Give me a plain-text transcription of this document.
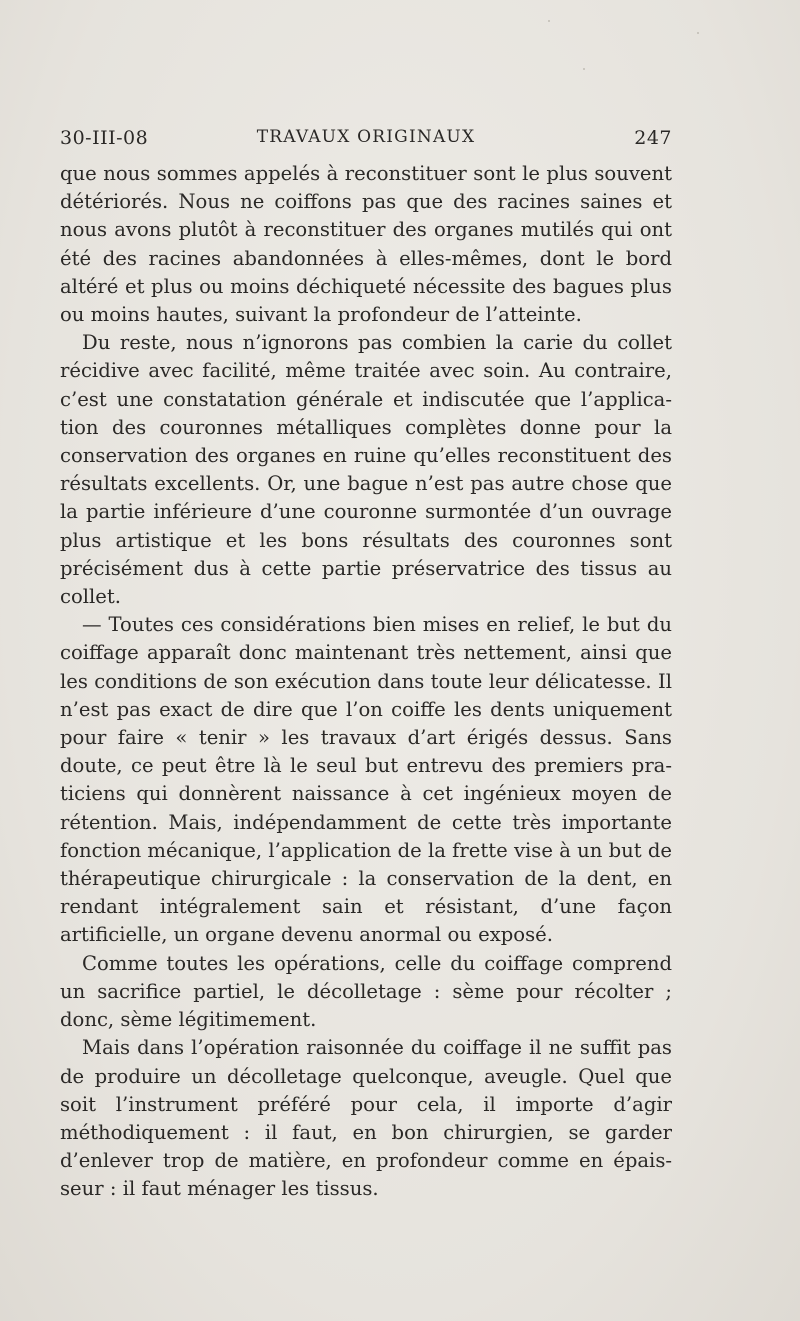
30-III-08	TRAVAUX ORIGINAUX	247

que nous sommes appelés à reconstituer sont le plus souvent détériorés. Nous ne coiffons pas que des racines saines et nous avons plutôt à reconstituer des organes mutilés qui ont été des racines abandonnées à elles-mêmes, dont le bord altéré et plus ou moins déchiqueté nécessite des bagues plus ou moins hautes, suivant la profondeur de l’atteinte.

Du reste, nous n’ignorons pas combien la carie du collet récidive avec facilité, même traitée avec soin. Au contraire, c’est une constatation générale et indiscutée que l’application des couronnes métalliques complètes donne pour la conservation des organes en ruine qu’elles reconstituent des résultats excellents. Or, une bague n’est pas autre chose que la partie inférieure d’une couronne surmontée d’un ouvrage plus artistique et les bons résultats des couronnes sont précisément dus à cette partie préservatrice des tissus au collet.

— Toutes ces considérations bien mises en relief, le but du coiffage apparaît donc maintenant très nettement, ainsi que les conditions de son exécution dans toute leur délicatesse. Il n’est pas exact de dire que l’on coiffe les dents uniquement pour faire « tenir » les travaux d’art érigés dessus. Sans doute, ce peut être là le seul but entrevu des premiers praticiens qui donnèrent naissance à cet ingénieux moyen de rétention. Mais, indépendamment de cette très importante fonction mécanique, l’application de la frette vise à un but de thérapeutique chirurgicale : la conservation de la dent, en rendant intégralement sain et résistant, d’une façon artificielle, un organe devenu anormal ou exposé.

Comme toutes les opérations, celle du coiffage comprend un sacrifice partiel, le décolletage : sème pour récolter ; donc, sème légitimement.

Mais dans l’opération raisonnée du coiffage il ne suffit pas de produire un décolletage quelconque, aveugle. Quel que soit l’instrument préféré pour cela, il importe d’agir méthodiquement : il faut, en bon chirurgien, se garder d’enlever trop de matière, en profondeur comme en épaisseur : il faut ménager les tissus.
